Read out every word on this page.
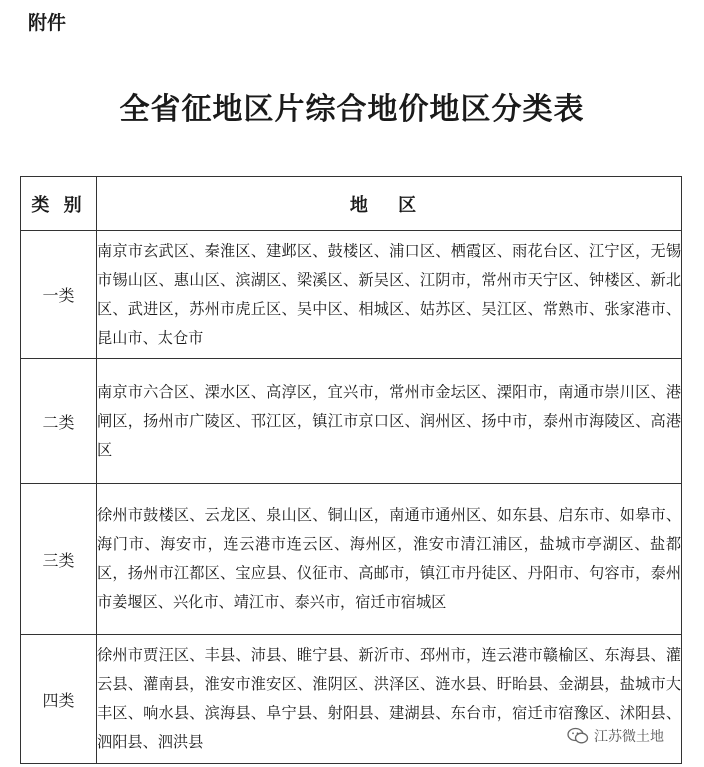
附件
全省征地区片综合地价地区分类表
类 别	地 区
一类	南京市玄武区、秦淮区、建邺区、鼓楼区、浦口区、栖霞区、雨花台区、江宁区，无锡市锡山区、惠山区、滨湖区、梁溪区、新吴区、江阴市，常州市天宁区、钟楼区、新北区、武进区，苏州市虎丘区、吴中区、相城区、姑苏区、吴江区、常熟市、张家港市、昆山市、太仓市
二类	南京市六合区、溧水区、高淳区，宜兴市，常州市金坛区、溧阳市，南通市崇川区、港闸区，扬州市广陵区、邗江区，镇江市京口区、润州区、扬中市，泰州市海陵区、高港区
三类	徐州市鼓楼区、云龙区、泉山区、铜山区，南通市通州区、如东县、启东市、如皋市、海门市、海安市，连云港市连云区、海州区，淮安市清江浦区，盐城市亭湖区、盐都区，扬州市江都区、宝应县、仪征市、高邮市，镇江市丹徒区、丹阳市、句容市，泰州市姜堰区、兴化市、靖江市、泰兴市，宿迁市宿城区
四类	徐州市贾汪区、丰县、沛县、睢宁县、新沂市、邳州市，连云港市赣榆区、东海县、灌云县、灌南县，淮安市淮安区、淮阴区、洪泽区、涟水县、盱眙县、金湖县，盐城市大丰区、响水县、滨海县、阜宁县、射阳县、建湖县、东台市，宿迁市宿豫区、沭阳县、泗阳县、泗洪县	江苏微土地
